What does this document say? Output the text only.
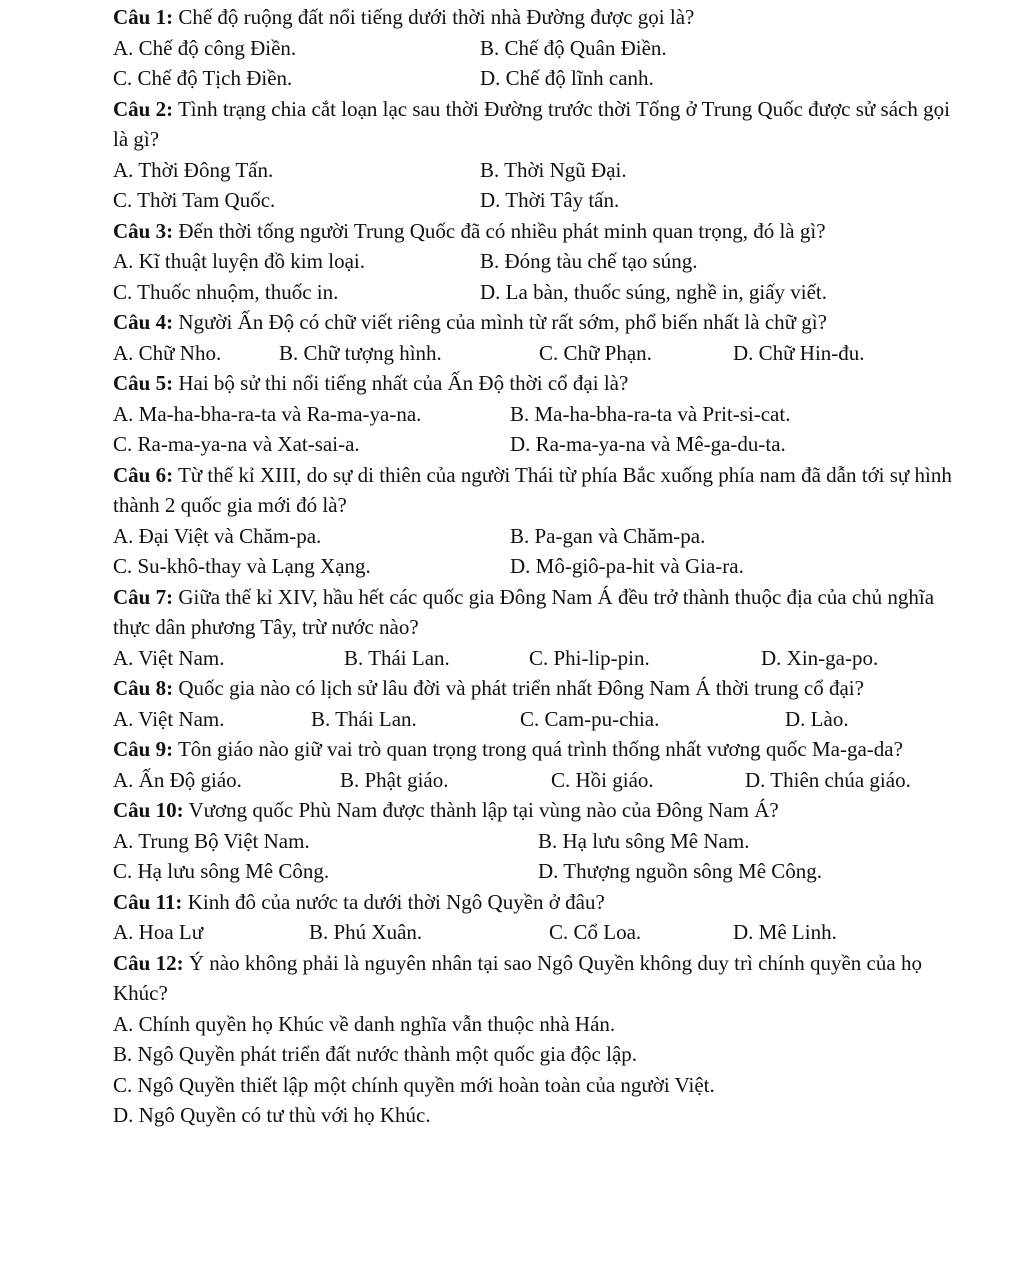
Câu 1: Chế độ ruộng đất nổi tiếng dưới thời nhà Đường được gọi là?

A. Chế độ công Điền.	B. Chế độ Quân Điền.
C. Chế độ Tịch Điền.	D. Chế độ lĩnh canh.

Câu 2: Tình trạng chia cắt loạn lạc sau thời Đường trước thời Tống ở Trung Quốc được sử sách gọi là gì?

A. Thời Đông Tấn.	B. Thời Ngũ Đại.
C. Thời Tam Quốc.	D. Thời Tây tấn.

Câu 3: Đến thời tống người Trung Quốc đã có nhiều phát minh quan trọng, đó là gì?

A. Kĩ thuật luyện đồ kim loại.	B. Đóng tàu chế tạo súng.
C. Thuốc nhuộm, thuốc in.	D. La bàn, thuốc súng, nghề in, giấy viết.

Câu 4: Người Ấn Độ có chữ viết riêng của mình từ rất sớm, phổ biến nhất là chữ gì?

A. Chữ Nho.	B. Chữ tượng hình.	C. Chữ Phạn.	D. Chữ Hin-đu.

Câu 5: Hai bộ sử thi nổi tiếng nhất của Ấn Độ thời cổ đại là?

A. Ma-ha-bha-ra-ta và Ra-ma-ya-na.	B. Ma-ha-bha-ra-ta và Prit-si-cat.
C. Ra-ma-ya-na và Xat-sai-a.	D. Ra-ma-ya-na và Mê-ga-du-ta.

Câu 6: Từ thế kỉ XIII, do sự di thiên của người Thái từ phía Bắc xuống phía nam đã dẫn tới sự hình thành 2 quốc gia mới đó là?

A. Đại Việt và Chăm-pa.	B. Pa-gan và Chăm-pa.
C. Su-khô-thay và Lạng Xạng.	D. Mô-giô-pa-hit và Gia-ra.

Câu 7: Giữa thế kỉ XIV, hầu hết các quốc gia Đông Nam Á đều trở thành thuộc địa của chủ nghĩa thực dân phương Tây, trừ nước nào?

A. Việt Nam.	B. Thái Lan.	C. Phi-lip-pin.	D. Xin-ga-po.

Câu 8: Quốc gia nào có lịch sử lâu đời và phát triển nhất Đông Nam Á thời trung cổ đại?

A. Việt Nam.	B. Thái Lan.	C. Cam-pu-chia.	D. Lào.

Câu 9: Tôn giáo nào giữ vai trò quan trọng trong quá trình thống nhất vương quốc Ma-ga-da?

A. Ấn Độ giáo.	B. Phật giáo.	C. Hồi giáo.	D. Thiên chúa giáo.

Câu 10: Vương quốc Phù Nam được thành lập tại vùng nào của Đông Nam Á?

A. Trung Bộ Việt Nam.	B. Hạ lưu sông Mê Nam.
C. Hạ lưu sông Mê Công.	D. Thượng nguồn sông Mê Công.

Câu 11: Kinh đô của nước ta dưới thời Ngô Quyền ở đâu?

A. Hoa Lư	B. Phú Xuân.	C. Cổ Loa.	D. Mê Linh.

Câu 12: Ý nào không phải là nguyên nhân tại sao Ngô Quyền không duy trì chính quyền của họ Khúc?

A. Chính quyền họ Khúc về danh nghĩa vẫn thuộc nhà Hán.
B. Ngô Quyền phát triển đất nước thành một quốc gia độc lập.
C. Ngô Quyền thiết lập một chính quyền mới hoàn toàn của người Việt.
D. Ngô Quyền có tư thù với họ Khúc.
